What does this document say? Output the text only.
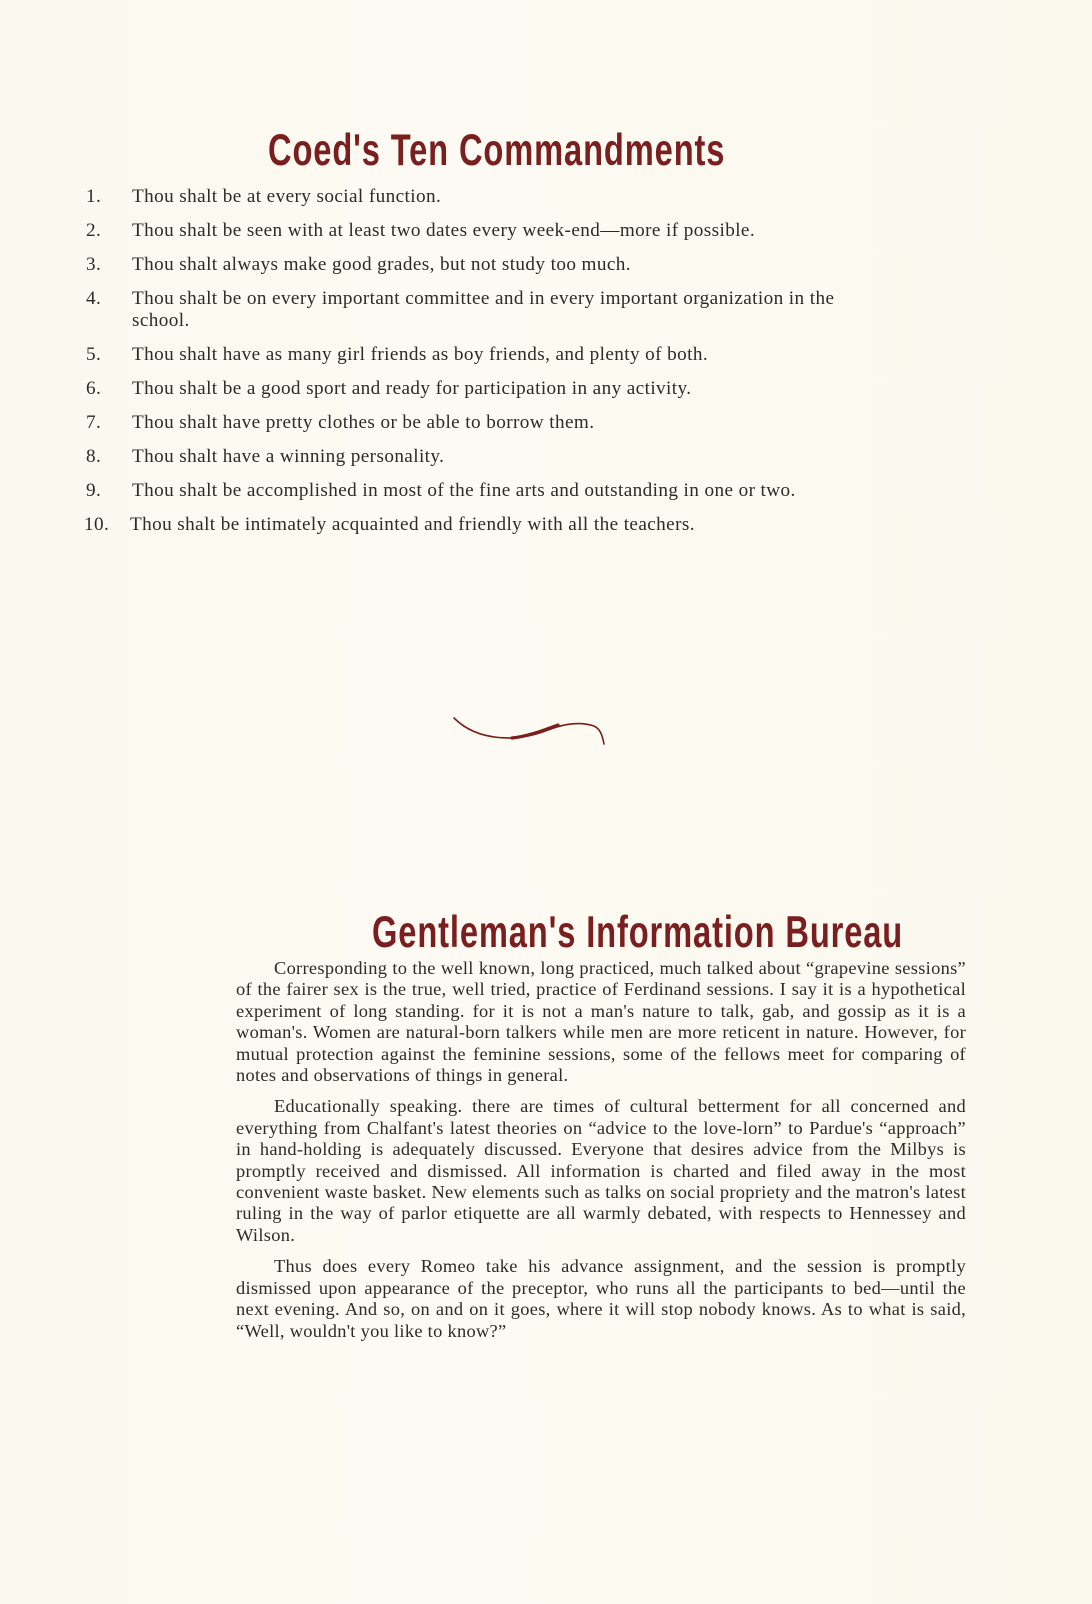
Coed's Ten Commandments
1.	Thou shalt be at every social function.
2.	Thou shalt be seen with at least two dates every week-end—more if possible.
3.	Thou shalt always make good grades, but not study too much.
4.	Thou shalt be on every important committee and in every important organization in the school.
5.	Thou shalt have as many girl friends as boy friends, and plenty of both.
6.	Thou shalt be a good sport and ready for participation in any activity.
7.	Thou shalt have pretty clothes or be able to borrow them.
8.	Thou shalt have a winning personality.
9.	Thou shalt be accomplished in most of the fine arts and outstanding in one or two.
10.	Thou shalt be intimately acquainted and friendly with all the teachers.
Gentleman's Information Bureau

Corresponding to the well known, long practiced, much talked about “grapevine sessions” of the fairer sex is the true, well tried, practice of Ferdinand sessions. I say it is a hypothetical experiment of long standing. for it is not a man's nature to talk, gab, and gossip as it is a woman's. Women are natural-born talkers while men are more reticent in nature. However, for mutual protection against the feminine sessions, some of the fellows meet for comparing of notes and observations of things in general.

Educationally speaking. there are times of cultural betterment for all concerned and everything from Chalfant's latest theories on “advice to the love-lorn” to Pardue's “approach” in hand-holding is adequately discussed. Everyone that desires advice from the Milbys is promptly received and dismissed. All information is charted and filed away in the most convenient waste basket. New elements such as talks on social propriety and the matron's latest ruling in the way of parlor etiquette are all warmly debated, with respects to Hennessey and Wilson.

Thus does every Romeo take his advance assignment, and the session is promptly dismissed upon appearance of the preceptor, who runs all the participants to bed—until the next evening. And so, on and on it goes, where it will stop nobody knows. As to what is said, “Well, wouldn't you like to know?”
